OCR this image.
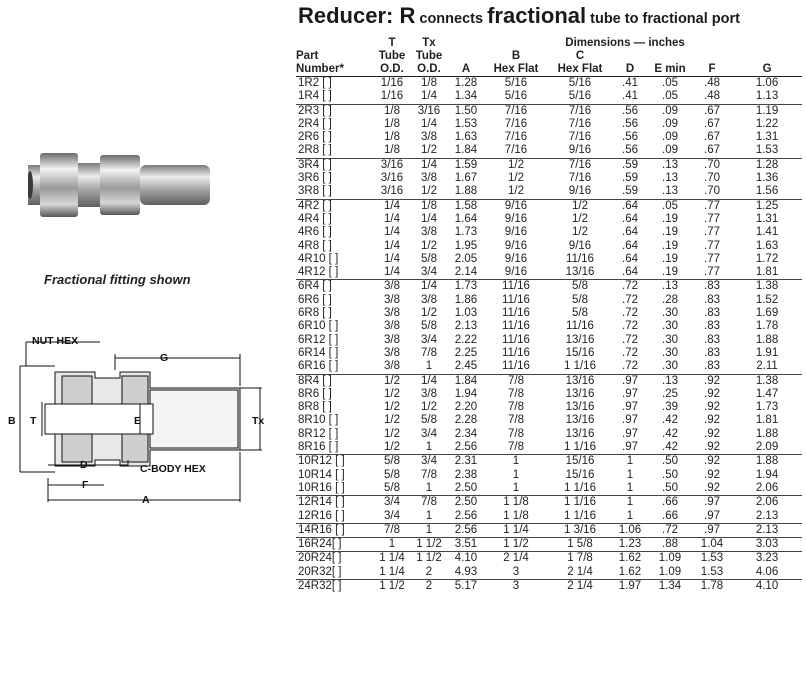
Reducer: R connects fractional tube to fractional port
Fractional fitting shown
NUT HEX
G
B T	E	Tx
D	C-BODY HEX
F
A
	T	Tx	Dimensions — inches						
Part	Tube	Tube		B	C				
Number*	O.D.	O.D.	A	Hex Flat	Hex Flat	D	E min	F	G
1R2 [ ]	1/16	1/8	1.28	5/16	5/16	.41	.05	.48	1.06
1R4 [ ]	1/16	1/4	1.34	5/16	5/16	.41	.05	.48	1.13
2R3 [ ]	1/8	3/16	1.50	7/16	7/16	.56	.09	.67	1.19
2R4 [ ]	1/8	1/4	1.53	7/16	7/16	.56	.09	.67	1.22
2R6 [ ]	1/8	3/8	1.63	7/16	7/16	.56	.09	.67	1.31
2R8 [ ]	1/8	1/2	1.84	7/16	9/16	.56	.09	.67	1.53
3R4 [ ]	3/16	1/4	1.59	1/2	7/16	.59	.13	.70	1.28
3R6 [ ]	3/16	3/8	1.67	1/2	7/16	.59	.13	.70	1.36
3R8 [ ]	3/16	1/2	1.88	1/2	9/16	.59	.13	.70	1.56
4R2 [ ]	1/4	1/8	1.58	9/16	1/2	.64	.05	.77	1.25
4R4 [ ]	1/4	1/4	1.64	9/16	1/2	.64	.19	.77	1.31
4R6 [ ]	1/4	3/8	1.73	9/16	1/2	.64	.19	.77	1.41
4R8 [ ]	1/4	1/2	1.95	9/16	9/16	.64	.19	.77	1.63
4R10 [ ]	1/4	5/8	2.05	9/16	11/16	.64	.19	.77	1.72
4R12 [ ]	1/4	3/4	2.14	9/16	13/16	.64	.19	.77	1.81
6R4 [ ]	3/8	1/4	1.73	11/16	5/8	.72	.13	.83	1.38
6R6 [ ]	3/8	3/8	1.86	11/16	5/8	.72	.28	.83	1.52
6R8 [ ]	3/8	1/2	1.03	11/16	5/8	.72	.30	.83	1.69
6R10 [ ]	3/8	5/8	2.13	11/16	11/16	.72	.30	.83	1.78
6R12 [ ]	3/8	3/4	2.22	11/16	13/16	.72	.30	.83	1.88
6R14 [ ]	3/8	7/8	2.25	11/16	15/16	.72	.30	.83	1.91
6R16 [ ]	3/8	1	2.45	11/16	1 1/16	.72	.30	.83	2.11
8R4 [ ]	1/2	1/4	1.84	7/8	13/16	.97	.13	.92	1.38
8R6 [ ]	1/2	3/8	1.94	7/8	13/16	.97	.25	.92	1.47
8R8 [ ]	1/2	1/2	2.20	7/8	13/16	.97	.39	.92	1.73
8R10 [ ]	1/2	5/8	2.28	7/8	13/16	.97	.42	.92	1.81
8R12 [ ]	1/2	3/4	2.34	7/8	13/16	.97	.42	.92	1.88
8R16 [ ]	1/2	1	2.56	7/8	1 1/16	.97	.42	.92	2.09
10R12 [ ]	5/8	3/4	2.31	1	15/16	1	.50	.92	1.88
10R14 [ ]	5/8	7/8	2.38	1	15/16	1	.50	.92	1.94
10R16 [ ]	5/8	1	2.50	1	1 1/16	1	.50	.92	2.06
12R14 [ ]	3/4	7/8	2.50	1 1/8	1 1/16	1	.66	.97	2.06
12R16 [ ]	3/4	1	2.56	1 1/8	1 1/16	1	.66	.97	2.13
14R16 [ ]	7/8	1	2.56	1 1/4	1 3/16	1.06	.72	.97	2.13
16R24[ ]	1	1 1/2	3.51	1 1/2	1 5/8	1.23	.88	1.04	3.03
20R24[ ]	1 1/4	1 1/2	4.10	2 1/4	1 7/8	1.62	1.09	1.53	3.23
20R32[ ]	1 1/4	2	4.93	3	2 1/4	1.62	1.09	1.53	4.06
24R32[ ]	1 1/2	2	5.17	3	2 1/4	1.97	1.34	1.78	4.10
